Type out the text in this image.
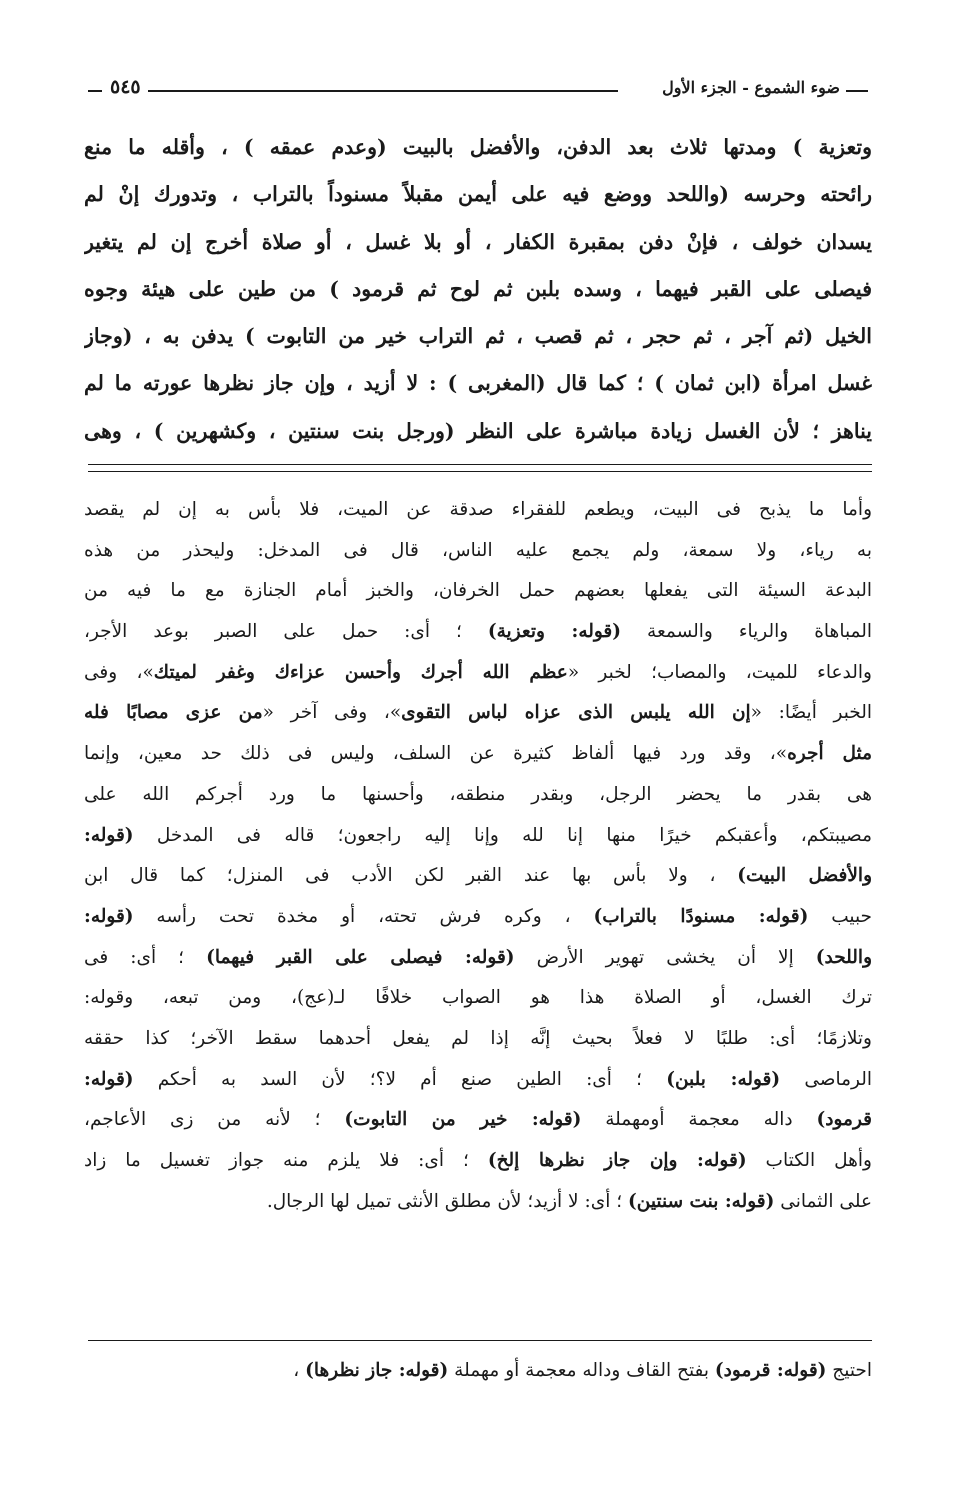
٥٤٥	ضوء الشموع - الجزء الأول
وتعزية ) ومدتها ثلاث بعد الدفن، والأفضل بالبيت (وعدم عمقه ) ، وأقله ما منع
رائحته وحرسه (واللحد ووضع فيه على أيمن مقبلاً مسنوداً بالتراب ، وتدورك إنْ لم
يسدان خولف ، فإنْ دفن بمقبرة الكفار ، أو بلا غسل ، أو صلاة أخرج إن لم يتغير
فيصلى على القبر فيهما ، وسده بلبن ثم لوح ثم قرمود ) من طين على هيئة وجوه
الخيل (ثم آجر ، ثم حجر ، ثم قصب ، ثم التراب خير من التابوت ) يدفن به ، (وجاز
غسل امرأة (ابن ثمان ) ؛ كما قال (المغربى ) : لا أزيد ، وإن جاز نظرها عورته ما لم
يناهز ؛ لأن الغسل زيادة مباشرة على النظر (ورجل بنت سنتين ، وكشهرين ) ، وهى
وأما ما يذبح فى البيت، ويطعم للفقراء صدقة عن الميت، فلا بأس به إن لم يقصد
به رياء، ولا سمعة، ولم يجمع عليه الناس، قال فى المدخل: وليحذر من هذه
البدعة السيئة التى يفعلها بعضهم حمل الخرفان، والخبز أمام الجنازة مع ما فيه من
المباهاة والرياء والسمعة (قوله: وتعزية) ؛ أى: حمل على الصبر بوعد الأجر،
والدعاء للميت، والمصاب؛ لخبر «عظم الله أجرك وأحسن عزاءك وغفر لميتك»، وفى
الخبر أيضًا: «إن الله يلبس الذى عزاه لباس التقوى»، وفى آخر «من عزى مصابًا فله
مثل أجره»، وقد ورد فيها ألفاظ كثيرة عن السلف، وليس فى ذلك حد معين، وإنما
هى بقدر ما يحضر الرجل، وبقدر منطقه، وأحسنها ما ورد أجركم الله على
مصيبتكم، وأعقبكم خيرًا منها إنا لله وإنا إليه راجعون؛ قاله فى المدخل (قوله:
والأفضل البيت) ، ولا بأس بها عند القبر لكن الأدب فى المنزل؛ كما قال ابن
حبيب (قوله: مسنودًا بالتراب) ، وكره فرش تحته، أو مخدة تحت رأسه (قوله:
واللحد) إلا أن يخشى تهوير الأرض (قوله: فيصلى على القبر فيهما) ؛ أى: فى
ترك الغسل، أو الصلاة هذا هو الصواب خلافًا لـ(عج)، ومن تبعه، وقوله:
وتلازمًا؛ أى: طلبًا لا فعلاً بحيث إنَّه إذا لم يفعل أحدهما سقط الآخر؛ كذا حققه
الرماصى (قوله: بلبن) ؛ أى: الطين صنع أم لا؟؛ لأن السد به أحكم (قوله:
قرمود) داله معجمة أومهملة (قوله: خير من التابوت) ؛ لأنه من زى الأعاجم،
وأهل الكتاب (قوله: وإن جاز نظرها إلخ) ؛ أى: فلا يلزم منه جواز تغسيل ما زاد
على الثمانى (قوله: بنت سنتين) ؛ أى: لا أزيد؛ لأن مطلق الأنثى تميل لها الرجال.
احتيج (قوله: قرمود) بفتح القاف وداله معجمة أو مهملة (قوله: جاز نظرها) ،
